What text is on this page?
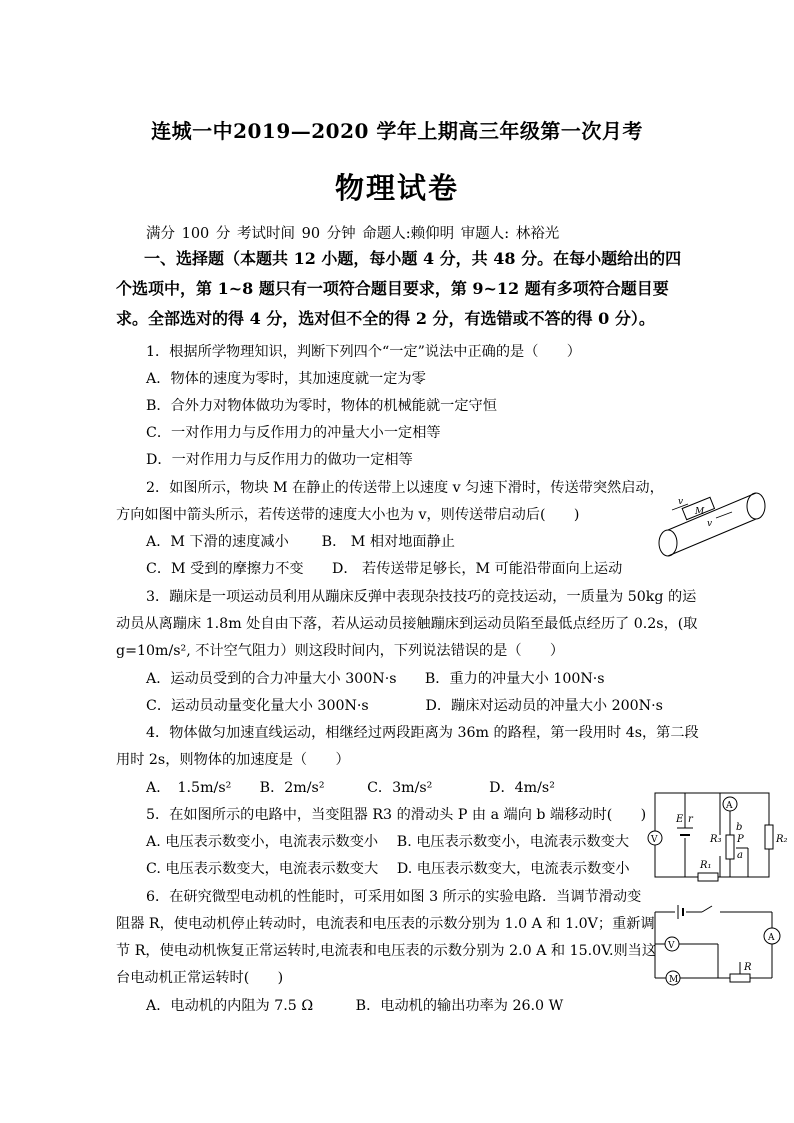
连城一中2019—2020 学年上期高三年级第一次月考
物理试卷
满分 100 分 考试时间 90 分钟 命题人:赖仰明 审题人: 林裕光
一、选择题（本题共 12 小题，每小题 4 分，共 48 分。在每小题给出的四个选项中，第 1~8 题只有一项符合题目要求，第 9~12 题有多项符合题目要求。全部选对的得 4 分，选对但不全的得 2 分，有选错或不答的得 0 分）。
1．根据所学物理知识，判断下列四个“一定”说法中正确的是（　　）
A．物体的速度为零时，其加速度就一定为零
B．合外力对物体做功为零时，物体的机械能就一定守恒
C．一对作用力与反作用力的冲量大小一定相等
D．一对作用力与反作用力的做功一定相等
2．如图所示，物块 M 在静止的传送带上以速度 v 匀速下滑时，传送带突然启动，
方向如图中箭头所示，若传送带的速度大小也为 v，则传送带启动后(　　)
A．M 下滑的速度减小　　 B． M 相对地面静止
C．M 受到的摩擦力不变　　D． 若传送带足够长，M 可能沿带面向上运动
M
v
v
3．蹦床是一项运动员利用从蹦床反弹中表现杂技技巧的竞技运动，一质量为 50kg 的运
动员从离蹦床 1.8m 处自由下落，若从运动员接触蹦床到运动员陷至最低点经历了 0.2s，(取
g=10m/s², 不计空气阻力）则这段时间内，下列说法错误的是（　　）
A．运动员受到的合力冲量大小 300N·s　　B．重力的冲量大小 100N·s
C．运动员动量变化量大小 300N·s　　　　D．蹦床对运动员的冲量大小 200N·s
4．物体做匀加速直线运动，相继经过两段距离为 36m 的路程，第一段用时 4s，第二段
用时 2s，则物体的加速度是（　　）
A．　1.5m/s²　　B．2m/s²　　　C．3m/s²　　　　D．4m/s²
5．在如图所示的电路中，当变阻器 R3 的滑动头 P 由 a 端向 b 端移动时(　　)
A. 电压表示数变小，电流表示数变小　 B. 电压表示数变小，电流表示数变大
C. 电压表示数变大，电流表示数变大　 D. 电压表示数变大，电流表示数变小
E r
V
A
b
P
a
R₃	R₂
R₁
6．在研究微型电动机的性能时，可采用如图 3 所示的实验电路．当调节滑动变
阻器 R，使电动机停止转动时，电流表和电压表的示数分别为 1.0 A 和 1.0V；重新调
节 R，使电动机恢复正常运转时,电流表和电压表的示数分别为 2.0 A 和 15.0V.则当这
台电动机正常运转时(　　)
A．电动机的内阻为 7.5 Ω　　　B．电动机的输出功率为 26.0 W
V
A
M
R
